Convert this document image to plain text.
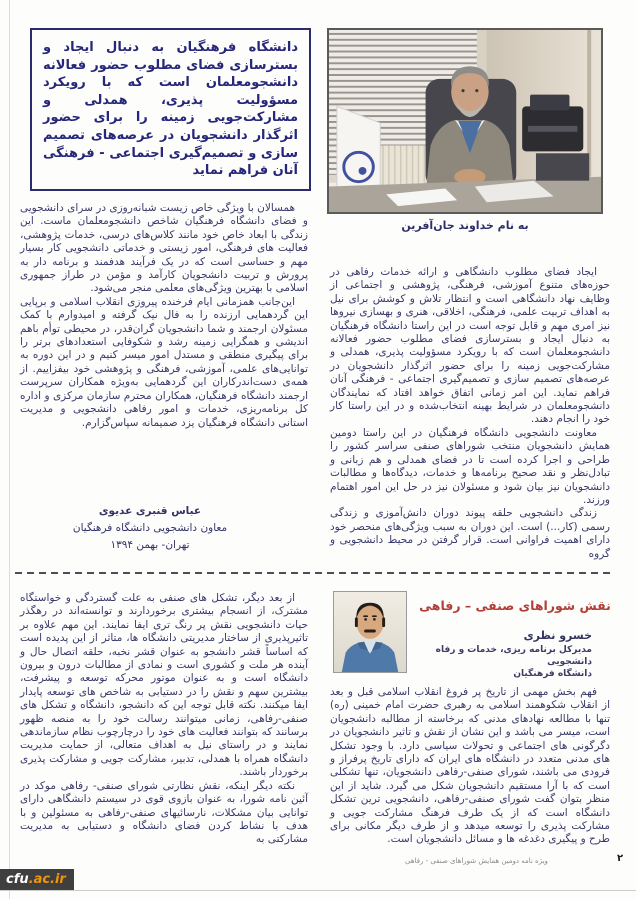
دانشگاه فرهنگیان به دنبال ایجاد و بسترسازی فضای مطلوب حضور فعالانه دانشجومعلمان است که با رویکرد مسؤولیت پذیری، همدلی و مشارکت‌جویی زمینه را برای حضور اثرگذار دانشجویان در عرصه‌های تصمیم سازی و تصمیم‌گیری اجتماعی - فرهنگی آنان فراهم نماید

به نام خداوند جان‌آفرین

همسالان با ویژگی خاص زیست شبانه‌روزی در سرای دانشجویی و فضای دانشگاه فرهنگیان شاخص دانشجومعلمان ماست. این زندگی با ابعاد خاص خود مانند کلاس‌های درسی، خدمات پژوهشی، فعالیت های فرهنگی، امور زیستی و خدماتی دانشجویی کار بسیار مهم و حساسی است که در یک فرآیند هدفمند و برنامه دار به پرورش و تربیت دانشجویان کارآمد و مؤمن در طراز جمهوری اسلامی با بهترین ویژگی‌های معلمی منجر می‌شود.

این‌جانب همزمانی ایام فرخنده پیروزی انقلاب اسلامی و برپایی این گردهمایی ارزنده را به فال نیک گرفته و امیدوارم با کمک مسئولان ارجمند و شما دانشجویان گران‌قدر، در محیطی توأم باهم اندیشی و همگرایی زمینه رشد و شکوفایی استعدادهای برتر را برای پیگیری منطقی و مستدل امور میسر کنیم و در این دوره به توانایی‌های علمی، آموزشی، فرهنگی و پژوهشی خود بیفزاییم. از همه‌ی دست‌اندرکاران این گردهمایی به‌ویژه همکاران سرپرست ارجمند دانشگاه فرهنگیان، همکاران محترم سازمان مرکزی و اداره کل برنامه‌ریزی، خدمات و امور رفاهی دانشجویی و مدیریت استانی دانشگاه فرهنگیان یزد صمیمانه سپاس‌گزارم.

ایجاد فضای مطلوب دانشگاهی و ارائه خدمات رفاهی در حوزه‌های متنوع آموزشی، فرهنگی، پژوهشی و اجتماعی از وظایف نهاد دانشگاهی است و انتظار تلاش و کوشش برای نیل به اهداف تربیت علمی، فرهنگی، اخلاقی، هنری و بهسازی نیروها نیز امری مهم و قابل توجه است در این راستا دانشگاه فرهنگیان به دنبال ایجاد و بسترسازی فضای مطلوب حضور فعالانه دانشجومعلمان است که با رویکرد مسؤولیت پذیری، همدلی و مشارکت‌جویی زمینه را برای حضور اثرگذار دانشجویان در عرصه‌های تصمیم سازی و تصمیم‌گیری اجتماعی - فرهنگی آنان فراهم نماید. این امر زمانی اتفاق خواهد افتاد که نمایندگان دانشجومعلمان در شرایط بهینه انتخاب‌شده و در این راستا کار خود را انجام دهند.

معاونت دانشجویی دانشگاه فرهنگیان در این راستا دومین همایش دانشجویان منتخب شوراهای صنفی سراسر کشور را طراحی و اجرا کرده است تا در فضای همدلی و هم زبانی و تبادل‌نظر و نقد صحیح برنامه‌ها و خدمات، دیدگاه‌ها و مطالبات دانشجویان نیز بیان شود و مسئولان نیز در حل این امور اهتمام ورزند.

زندگی دانشجویی حلقه پیوند دوران دانش‌آموزی و زندگی رسمی (کار...) است. این دوران به سبب ویژگی‌های منحصر خود دارای اهمیت فراوانی است. قرار گرفتن در محیط دانشجویی و گروه

عباس قنبری عدیوی
معاون دانشجویی دانشگاه فرهنگیان
تهران- بهمن ۱۳۹۴
نقش شوراهای صنفی – رفاهی

خسرو نظری

مدیرکل برنامه ریزی، خدمات و رفاه دانشجویی

دانشگاه فرهنگیان

فهم بخش مهمی از تاریخ پر فروغ انقلاب اسلامی قبل و بعد از انقلاب شکوهمند اسلامی به رهبری حضرت امام خمینی (ره) تنها با مطالعه نهادهای مدنی که برخاسته از مطالبه دانشجویان است، میسر می باشد و این نشان از نقش و تاثیر دانشجویان در دگرگونی های اجتماعی و تحولات سیاسی دارد. با وجود تشکل های مدنی متعدد در دانشگاه های ایران که دارای تاریخ پرفراز و فرودی می باشند، شورای صنفی-رفاهی دانشجویان، تنها تشکلی است که با آرا مستقیم دانشجویان شکل می گیرد. شاید از این منظر بتوان گفت شورای صنفی-رفاهی، دانشجویی ترین تشکل دانشگاه است که از یک طرف فرهنگ مشارکت جویی و مشارکت پذیری را توسعه میدهد و از طرف دیگر مکانی برای طرح و پیگیری دغدغه ها و مسائل دانشجویان است.

از بعد دیگر، تشکل های صنفی به علت گستردگی و خواستگاه مشترک، از انسجام بیشتری برخوردارند و توانسته‌اند در رهگذر حیات دانشجویی نقش پر رنگ تری ایفا نمایند. این مهم علاوه بر تاثیرپذیری از ساختار مدیریتی دانشگاه ها، متاثر از این پدیده است که اساساً قشر دانشجو به عنوان قشر نخبه، حلقه اتصال حال و آینده هر ملت و کشوری است و نمادی از مطالبات درون و بیرون دانشگاه است و به عنوان موتور محرکه توسعه و پیشرفت، بیشترین سهم و نقش را در دستیابی به شاخص های توسعه پایدار ایفا میکنند. نکته قابل توجه این که دانشجو، دانشگاه و تشکل های صنفی-رفاهی، زمانی میتوانند رسالت خود را به منصه ظهور برسانند که بتوانند فعالیت های خود را درچارچوب نظام سازماندهی نمایند و در راستای نیل به اهداف متعالی، از حمایت مدیریت دانشگاه همراه با همدلی، تدبیر، مشارکت جویی و مشارکت پذیری برخوردار باشند.

نکته دیگر اینکه، نقش نظارتی شورای صنفی- رفاهی موکد در آئین نامه شورا، به عنوان بازوی قوی در سیستم دانشگاهی دارای توانایی بیان مشکلات، نارسائیهای صنفی-رفاهی به مسئولین و با هدف با نشاط کردن فضای دانشگاه و دستیابی به مدیریت مشارکتی به

ویژه نامه دومین همایش شوراهای صنفی - رفاهی	۲
cfu .ac.ir
